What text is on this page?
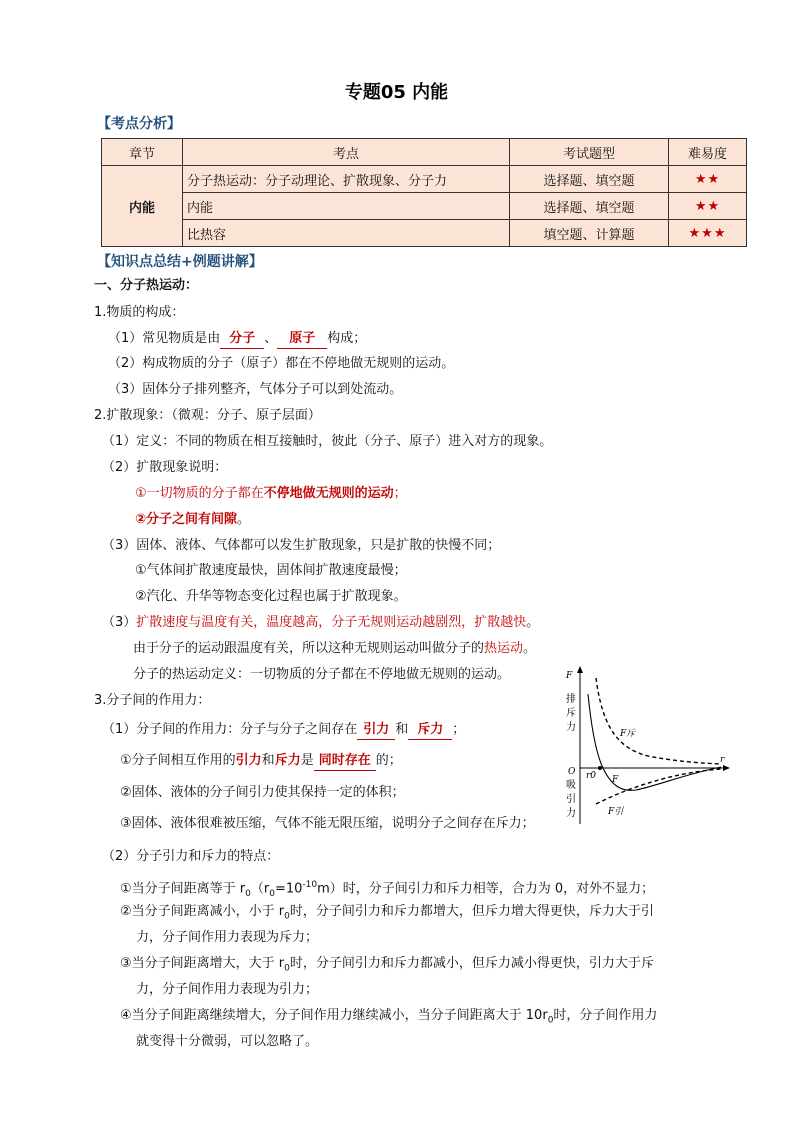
专题05 内能
【考点分析】
章节	考点	考试题型	难易度
内能	分子热运动：分子动理论、扩散现象、分子力	选择题、填空题	★★
	内能	选择题、填空题	★★
	比热容	填空题、计算题	★★★
【知识点总结+例题讲解】
一、分子热运动：
1.物质的构成：
（1）常见物质是由 分子 、 原子 构成；
（2）构成物质的分子（原子）都在不停地做无规则的运动。
（3）固体分子排列整齐，气体分子可以到处流动。
2.扩散现象：（微观：分子、原子层面）
（1）定义：不同的物质在相互接触时，彼此（分子、原子）进入对方的现象。
（2）扩散现象说明：
①一切物质的分子都在不停地做无规则的运动；
②分子之间有间隙。
（3）固体、液体、气体都可以发生扩散现象，只是扩散的快慢不同；
①气体间扩散速度最快，固体间扩散速度最慢；
②汽化、升华等物态变化过程也属于扩散现象。
（3）扩散速度与温度有关，温度越高，分子无规则运动越剧烈，扩散越快。
由于分子的运动跟温度有关，所以这种无规则运动叫做分子的热运动。
分子的热运动定义：一切物质的分子都在不停地做无规则的运动。
3.分子间的作用力：
（1）分子间的作用力：分子与分子之间存在 引力 和 斥力 ；
①分子间相互作用的引力和斥力是 同时存在 的；
②固体、液体的分子间引力使其保持一定的体积；
③固体、液体很难被压缩，气体不能无限压缩，说明分子之间存在斥力；
（2）分子引力和斥力的特点：
①当分子间距离等于 $r_0(r_0=10^{-10}m)$时，分子间引力和斥力相等，合力为 0，对外不显力；
②当分子间距离减小，小于 $r_0$时，分子间引力和斥力都增大，但斥力增大得更快，斥力大于引
力，分子间作用力表现为斥力；
③当分子间距离增大，大于 $r_0$时，分子间引力和斥力都减小，但斥力减小得更快，引力大于斥
力，分子间作用力表现为引力；
④当分子间距离继续增大，分子间作用力继续减小，当分子间距离大于 $10r_0$时，分子间作用力
就变得十分微弱，可以忽略了。
F
r
O r0 F
F斥
F引
排
斥
力
吸
引
力
